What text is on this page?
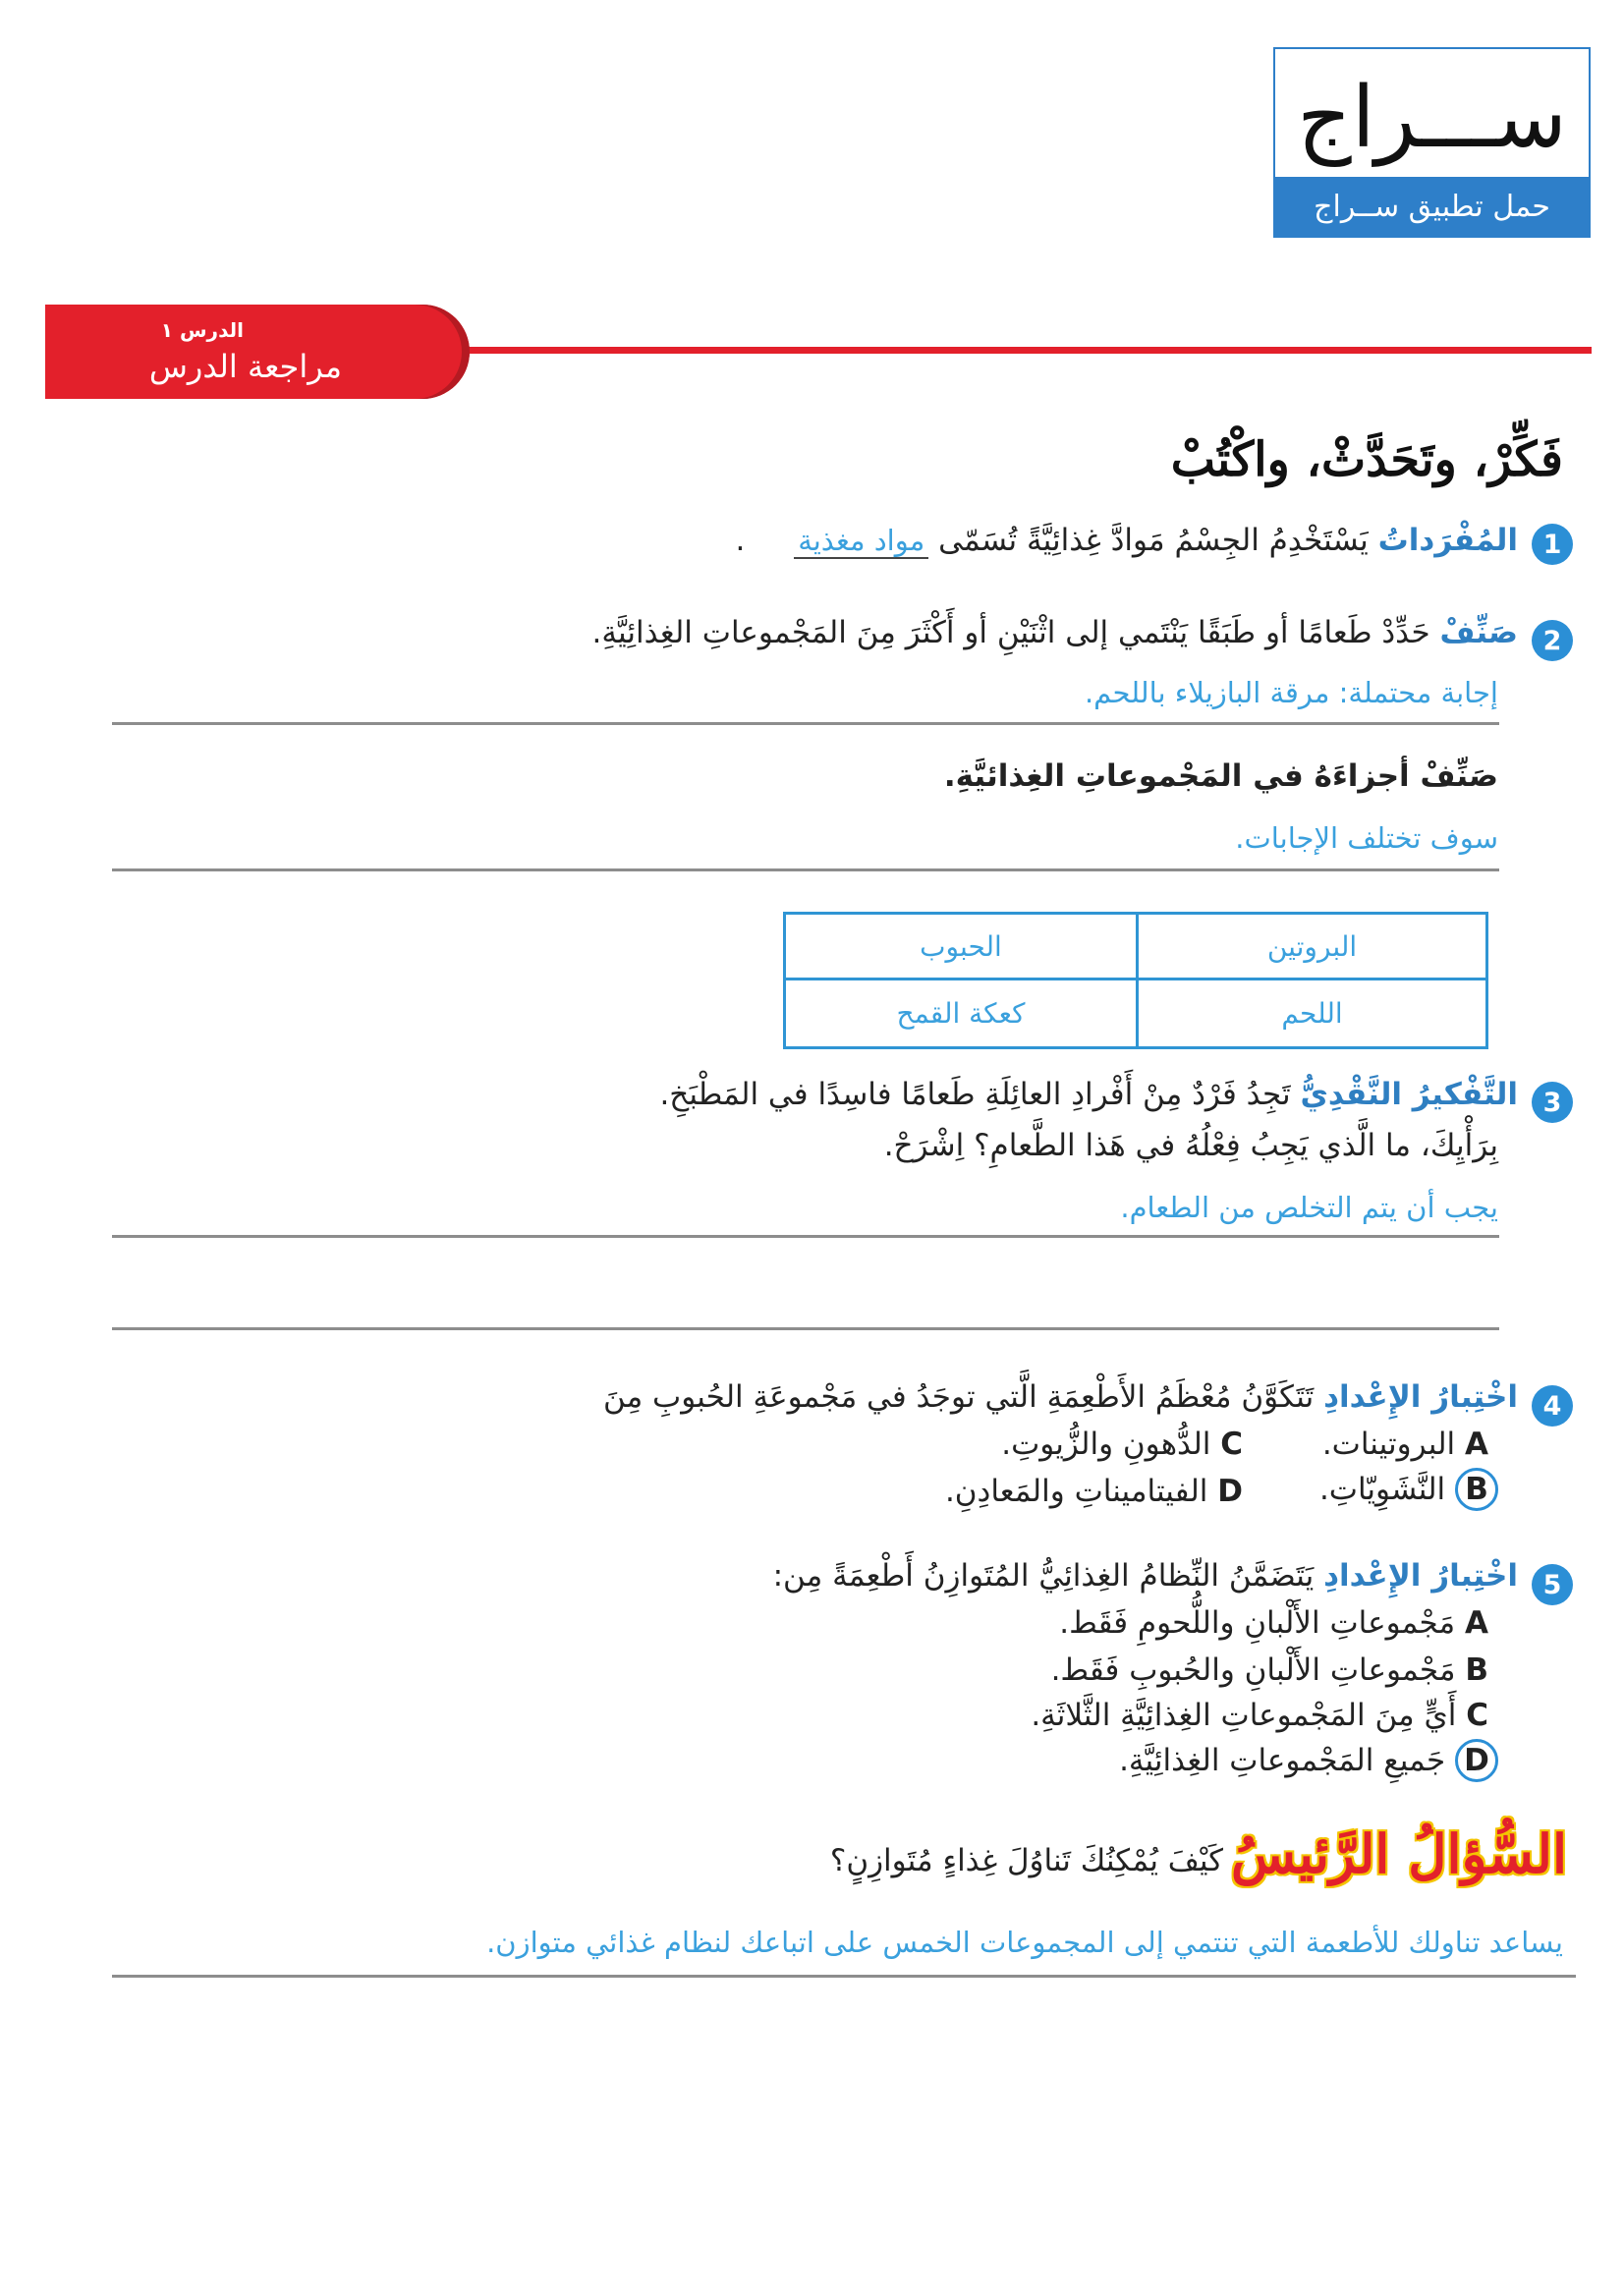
ســـراج
حمل تطبيق ســراج
الدرس ١
مراجعة الدرس
فَكِّرْ، وتَحَدَّثْ، واكْتُبْ
1
المُفْرَداتُ يَسْتَخْدِمُ الجِسْمُ مَوادَّ غِذائِيَّةً تُسَمّى مواد مغذية .
2
صَنِّفْ حَدِّدْ طَعامًا أو طَبَقًا يَنْتَمي إلى اثْنَيْنِ أو أَكْثَرَ مِنَ المَجْموعاتِ الغِذائِيَّةِ.
إجابة محتملة: مرقة البازيلاء باللحم.
صَنِّفْ أجزاءَهُ في المَجْموعاتِ الغِذائيَّةِ.
سوف تختلف الإجابات.
البروتين
الحبوب
اللحم
كعكة القمح
3
التَّفْكيرُ النَّقْدِيُّ تَجِدُ فَرْدٌ مِنْ أَفْرادِ العائِلَةِ طَعامًا فاسِدًا في المَطْبَخِ.
بِرَأْيِكَ، ما الَّذي يَجِبُ فِعْلُهُ في هَذا الطَّعامِ؟ اِشْرَحْ.
يجب أن يتم التخلص من الطعام.
4
اخْتِبارُ الإِعْدادِ تَتَكَوَّنُ مُعْظَمُ الأَطْعِمَةِ الَّتي توجَدُ في مَجْموعَةِ الحُبوبِ مِنَ
A البروتينات.
C الدُّهونِ والزُّيوتِ.
B النَّشَوِيّاتِ.
D الفيتاميناتِ والمَعادِنِ.
5
اخْتِبارُ الإِعْدادِ يَتَضَمَّنُ النِّظامُ الغِذائِيُّ المُتَوازِنُ أَطْعِمَةً مِن:
A مَجْموعاتِ الأَلْبانِ واللُّحومِ فَقَط.
B مَجْموعاتِ الأَلْبانِ والحُبوبِ فَقَط.
C أَيٍّ مِنَ المَجْموعاتِ الغِذائِيَّةِ الثَّلاثَةِ.
D جَميعِ المَجْموعاتِ الغِذائِيَّةِ.
السُّؤالُ الرَّئيسُ
كَيْفَ يُمْكِنُكَ تَناوُلَ غِذاءٍ مُتَوازِنٍ؟
يساعد تناولك للأطعمة التي تنتمي إلى المجموعات الخمس على اتباعك لنظام غذائي متوازن.
